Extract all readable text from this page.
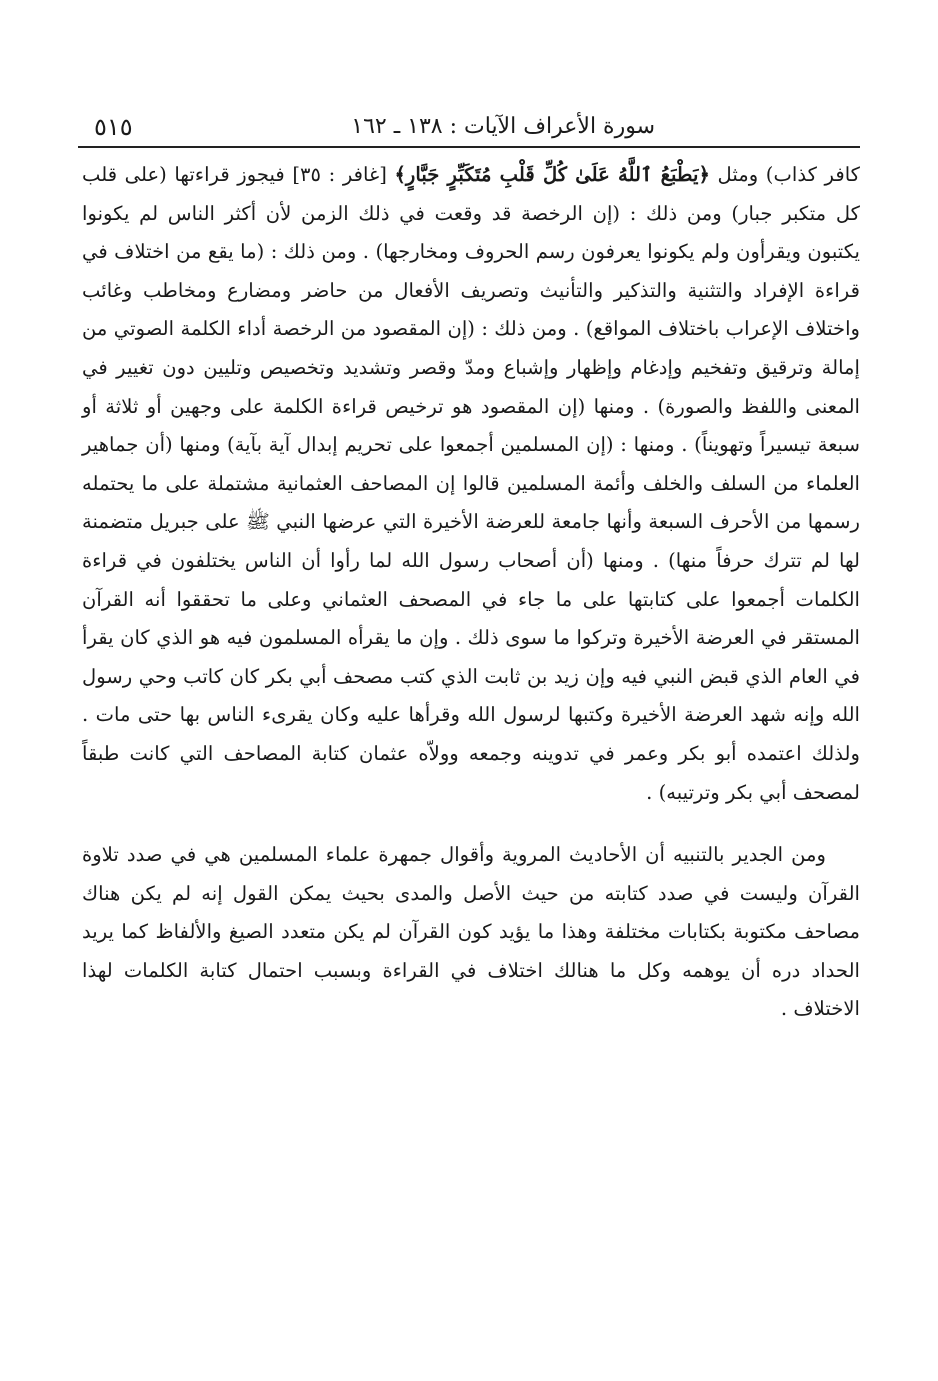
سورة الأعراف الآيات : ١٣٨ ـ ١٦٢
٥١٥

كافر كذاب) ومثل ﴿يَطْبَعُ ٱللَّهُ عَلَىٰ كُلِّ قَلْبِ مُتَكَبِّرٍ جَبَّارٍ﴾ [غافر : ٣٥] فيجوز قراءتها (على قلب كل متكبر جبار) ومن ذلك : (إن الرخصة قد وقعت في ذلك الزمن لأن أكثر الناس لم يكونوا يكتبون ويقرأون ولم يكونوا يعرفون رسم الحروف ومخارجها) . ومن ذلك : (ما يقع من اختلاف في قراءة الإفراد والتثنية والتذكير والتأنيث وتصريف الأفعال من حاضر ومضارع ومخاطب وغائب واختلاف الإعراب باختلاف المواقع) . ومن ذلك : (إن المقصود من الرخصة أداء الكلمة الصوتي من إمالة وترقيق وتفخيم وإدغام وإظهار وإشباع ومدّ وقصر وتشديد وتخصيص وتليين دون تغيير في المعنى واللفظ والصورة) . ومنها (إن المقصود هو ترخيص قراءة الكلمة على وجهين أو ثلاثة أو سبعة تيسيراً وتهويناً) . ومنها : (إن المسلمين أجمعوا على تحريم إبدال آية بآية) ومنها (أن جماهير العلماء من السلف والخلف وأئمة المسلمين قالوا إن المصاحف العثمانية مشتملة على ما يحتمله رسمها من الأحرف السبعة وأنها جامعة للعرضة الأخيرة التي عرضها النبي ﷺ على جبريل متضمنة لها لم تترك حرفاً منها) . ومنها (أن أصحاب رسول الله لما رأوا أن الناس يختلفون في قراءة الكلمات أجمعوا على كتابتها على ما جاء في المصحف العثماني وعلى ما تحققوا أنه القرآن المستقر في العرضة الأخيرة وتركوا ما سوى ذلك . وإن ما يقرأه المسلمون فيه هو الذي كان يقرأ في العام الذي قبض النبي فيه وإن زيد بن ثابت الذي كتب مصحف أبي بكر كان كاتب وحي رسول الله وإنه شهد العرضة الأخيرة وكتبها لرسول الله وقرأها عليه وكان يقرىء الناس بها حتى مات . ولذلك اعتمده أبو بكر وعمر في تدوينه وجمعه وولاّه عثمان كتابة المصاحف التي كانت طبقاً لمصحف أبي بكر وترتيبه) .

ومن الجدير بالتنبيه أن الأحاديث المروية وأقوال جمهرة علماء المسلمين هي في صدد تلاوة القرآن وليست في صدد كتابته من حيث الأصل والمدى بحيث يمكن القول إنه لم يكن هناك مصاحف مكتوبة بكتابات مختلفة وهذا ما يؤيد كون القرآن لم يكن متعدد الصيغ والألفاظ كما يريد الحداد دره أن يوهمه وكل ما هنالك اختلاف في القراءة وبسبب احتمال كتابة الكلمات لهذا الاختلاف .
